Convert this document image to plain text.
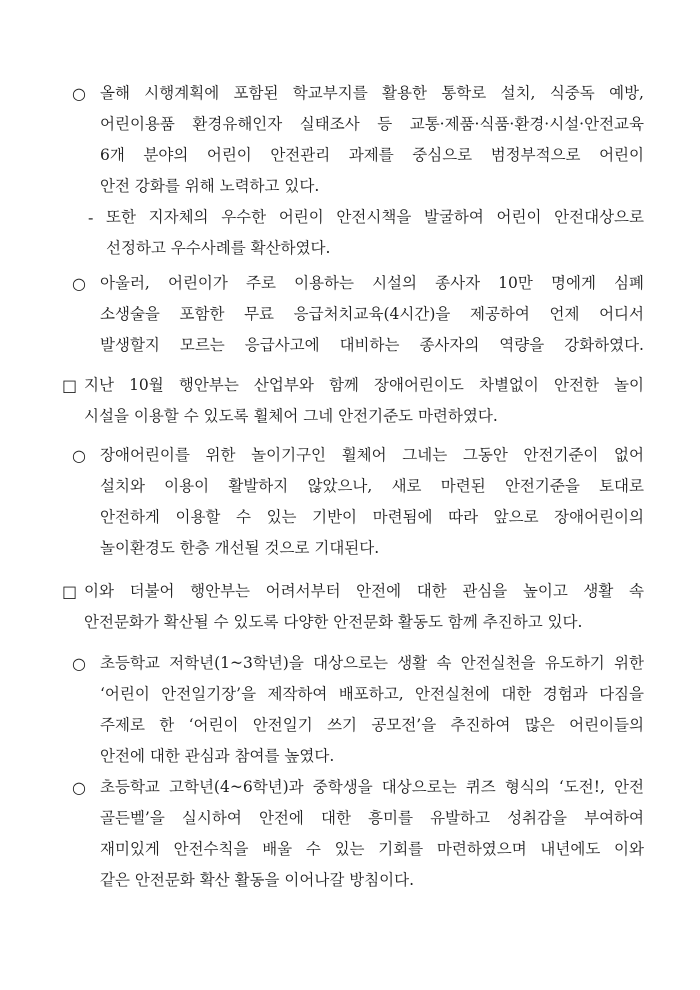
○ 올해 시행계획에 포함된 학교부지를 활용한 통학로 설치, 식중독 예방,
어린이용품 환경유해인자 실태조사 등 교통·제품·식품·환경·시설·안전교육
6개 분야의 어린이 안전관리 과제를 중심으로 범정부적으로 어린이
안전 강화를 위해 노력하고 있다.
- 또한 지자체의 우수한 어린이 안전시책을 발굴하여 어린이 안전대상으로
선정하고 우수사례를 확산하였다.
○ 아울러, 어린이가 주로 이용하는 시설의 종사자 10만 명에게 심폐
소생술을 포함한 무료 응급처치교육(4시간)을 제공하여 언제 어디서
발생할지 모르는 응급사고에 대비하는 종사자의 역량을 강화하였다.
□ 지난 10월 행안부는 산업부와 함께 장애어린이도 차별없이 안전한 놀이
시설을 이용할 수 있도록 휠체어 그네 안전기준도 마련하였다.
○ 장애어린이를 위한 놀이기구인 휠체어 그네는 그동안 안전기준이 없어
설치와 이용이 활발하지 않았으나, 새로 마련된 안전기준을 토대로
안전하게 이용할 수 있는 기반이 마련됨에 따라 앞으로 장애어린이의
놀이환경도 한층 개선될 것으로 기대된다.
□ 이와 더불어 행안부는 어려서부터 안전에 대한 관심을 높이고 생활 속
안전문화가 확산될 수 있도록 다양한 안전문화 활동도 함께 추진하고 있다.
○ 초등학교 저학년(1~3학년)을 대상으로는 생활 속 안전실천을 유도하기 위한
‘어린이 안전일기장’을 제작하여 배포하고, 안전실천에 대한 경험과 다짐을
주제로 한 ‘어린이 안전일기 쓰기 공모전’을 추진하여 많은 어린이들의
안전에 대한 관심과 참여를 높였다.
○ 초등학교 고학년(4~6학년)과 중학생을 대상으로는 퀴즈 형식의 ‘도전!, 안전
골든벨’을 실시하여 안전에 대한 흥미를 유발하고 성취감을 부여하여
재미있게 안전수칙을 배울 수 있는 기회를 마련하였으며 내년에도 이와
같은 안전문화 확산 활동을 이어나갈 방침이다.
